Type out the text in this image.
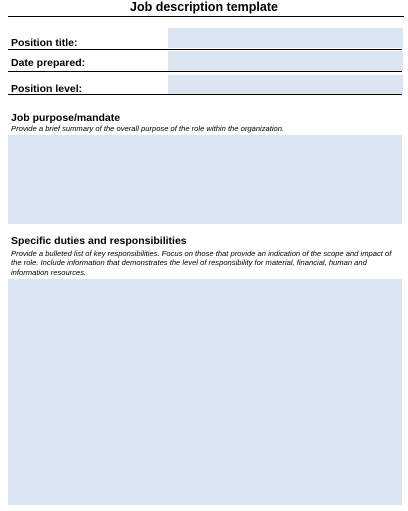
Job description template
Position title:
Date prepared:
Position level:
Job purpose/mandate
Provide a brief summary of the overall purpose of the role within the organization.
Specific duties and responsibilities
Provide a bulleted list of key responsibilities. Focus on those that provide an indication of the scope and impact of the role. Include information that demonstrates the level of responsibility for material, financial, human and information resources.
